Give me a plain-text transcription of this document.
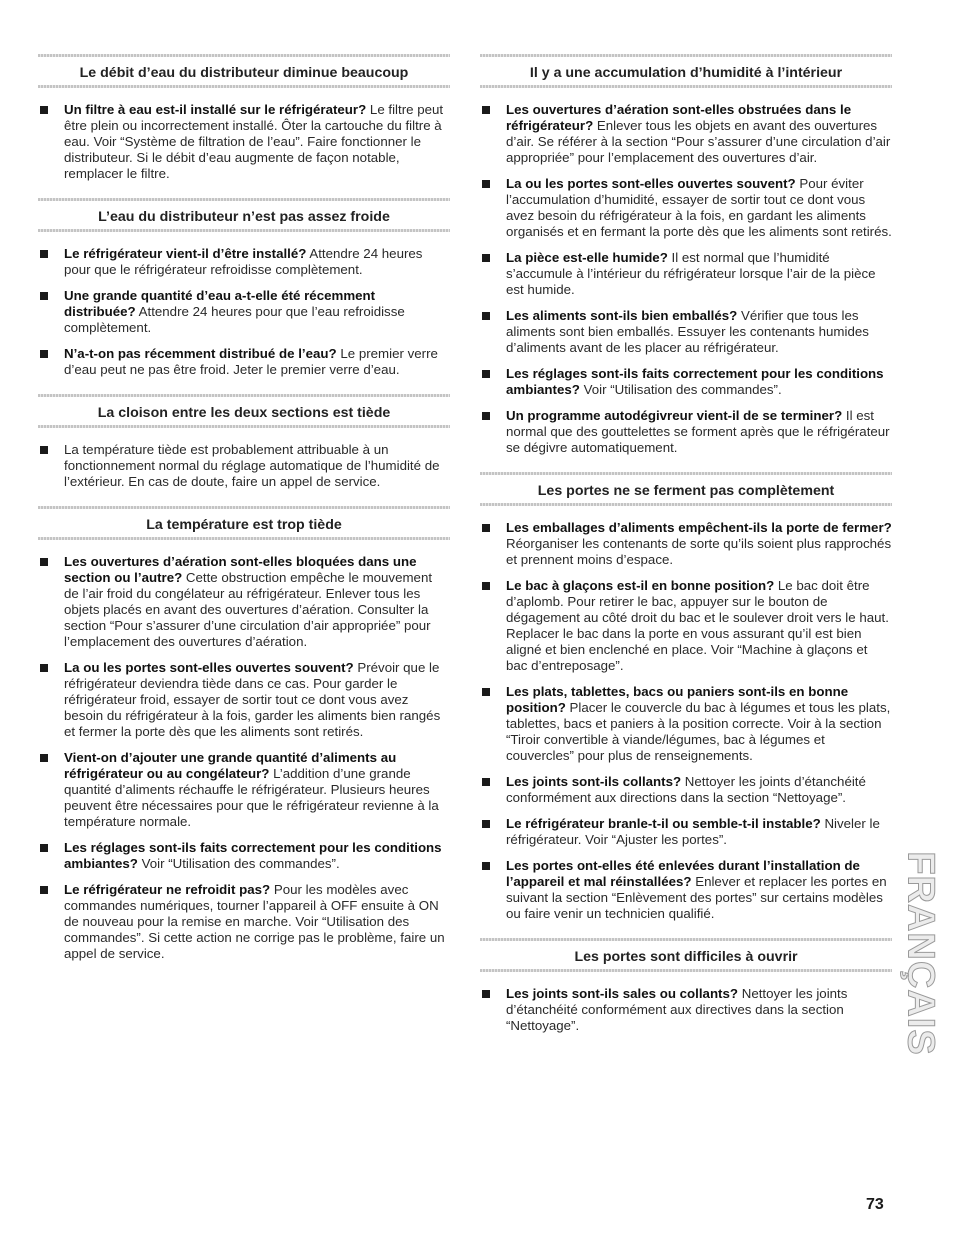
Le débit d’eau du distributeur diminue beaucoup
Un filtre à eau est-il installé sur le réfrigérateur? Le filtre peut être plein ou incorrectement installé. Ôter la cartouche du filtre à eau. Voir “Système de filtration de l’eau”. Faire fonctionner le distributeur. Si le débit d’eau augmente de façon notable, remplacer le filtre.
L’eau du distributeur n’est pas assez froide
Le réfrigérateur vient-il d’être installé? Attendre 24 heures pour que le réfrigérateur refroidisse complètement.
Une grande quantité d’eau a-t-elle été récemment distribuée? Attendre 24 heures pour que l’eau refroidisse complètement.
N’a-t-on pas récemment distribué de l’eau? Le premier verre d’eau peut ne pas être froid. Jeter le premier verre d’eau.
La cloison entre les deux sections est tiède
La température tiède est probablement attribuable à un fonctionnement normal du réglage automatique de l’humidité de l’extérieur. En cas de doute, faire un appel de service.
La température est trop tiède
Les ouvertures d’aération sont-elles bloquées dans une section ou l’autre? Cette obstruction empêche le mouvement de l’air froid du congélateur au réfrigérateur. Enlever tous les objets placés en avant des ouvertures d’aération. Consulter la section “Pour s’assurer d’une circulation d’air appropriée” pour l’emplacement des ouvertures d’aération.
La ou les portes sont-elles ouvertes souvent? Prévoir que le réfrigérateur deviendra tiède dans ce cas. Pour garder le réfrigérateur froid, essayer de sortir tout ce dont vous avez besoin du réfrigérateur à la fois, garder les aliments bien rangés et fermer la porte dès que les aliments sont retirés.
Vient-on d’ajouter une grande quantité d’aliments au réfrigérateur ou au congélateur? L’addition d’une grande quantité d’aliments réchauffe le réfrigérateur. Plusieurs heures peuvent être nécessaires pour que le réfrigérateur revienne à la température normale.
Les réglages sont-ils faits correctement pour les conditions ambiantes? Voir “Utilisation des commandes”.
Le réfrigérateur ne refroidit pas? Pour les modèles avec commandes numériques, tourner l’appareil à OFF ensuite à ON de nouveau pour la remise en marche. Voir “Utilisation des commandes”. Si cette action ne corrige pas le problème, faire un appel de service.
Il y a une accumulation d’humidité à l’intérieur
Les ouvertures d’aération sont-elles obstruées dans le réfrigérateur? Enlever tous les objets en avant des ouvertures d’air. Se référer à la section “Pour s’assurer d’une circulation d’air appropriée” pour l’emplacement des ouvertures d’air.
La ou les portes sont-elles ouvertes souvent? Pour éviter l’accumulation d’humidité, essayer de sortir tout ce dont vous avez besoin du réfrigérateur à la fois, en gardant les aliments organisés et en fermant la porte dès que les aliments sont retirés.
La pièce est-elle humide? Il est normal que l’humidité s’accumule à l’intérieur du réfrigérateur lorsque l’air de la pièce est humide.
Les aliments sont-ils bien emballés? Vérifier que tous les aliments sont bien emballés. Essuyer les contenants humides d’aliments avant de les placer au réfrigérateur.
Les réglages sont-ils faits correctement pour les conditions ambiantes? Voir “Utilisation des commandes”.
Un programme autodégivreur vient-il de se terminer? Il est normal que des gouttelettes se forment après que le réfrigérateur se dégivre automatiquement.
Les portes ne se ferment pas complètement
Les emballages d’aliments empêchent-ils la porte de fermer? Réorganiser les contenants de sorte qu’ils soient plus rapprochés et prennent moins d’espace.
Le bac à glaçons est-il en bonne position? Le bac doit être d’aplomb. Pour retirer le bac, appuyer sur le bouton de dégagement au côté droit du bac et le soulever droit vers le haut. Replacer le bac dans la porte en vous assurant qu’il est bien aligné et bien enclenché en place. Voir “Machine à glaçons et bac d’entreposage”.
Les plats, tablettes, bacs ou paniers sont-ils en bonne position? Placer le couvercle du bac à légumes et tous les plats, tablettes, bacs et paniers à la position correcte. Voir à la section “Tiroir convertible à viande/légumes, bac à légumes et couvercles” pour plus de renseignements.
Les joints sont-ils collants? Nettoyer les joints d’étanchéité conformément aux directions dans la section “Nettoyage”.
Le réfrigérateur branle-t-il ou semble-t-il instable? Niveler le réfrigérateur. Voir “Ajuster les portes”.
Les portes ont-elles été enlevées durant l’installation de l’appareil et mal réinstallées? Enlever et replacer les portes en suivant la section “Enlèvement des portes” sur certains modèles ou faire venir un technicien qualifié.
Les portes sont difficiles à ouvrir
Les joints sont-ils sales ou collants? Nettoyer les joints d’étanchéité conformément aux directives dans la section “Nettoyage”.	FRANÇAIS
73
